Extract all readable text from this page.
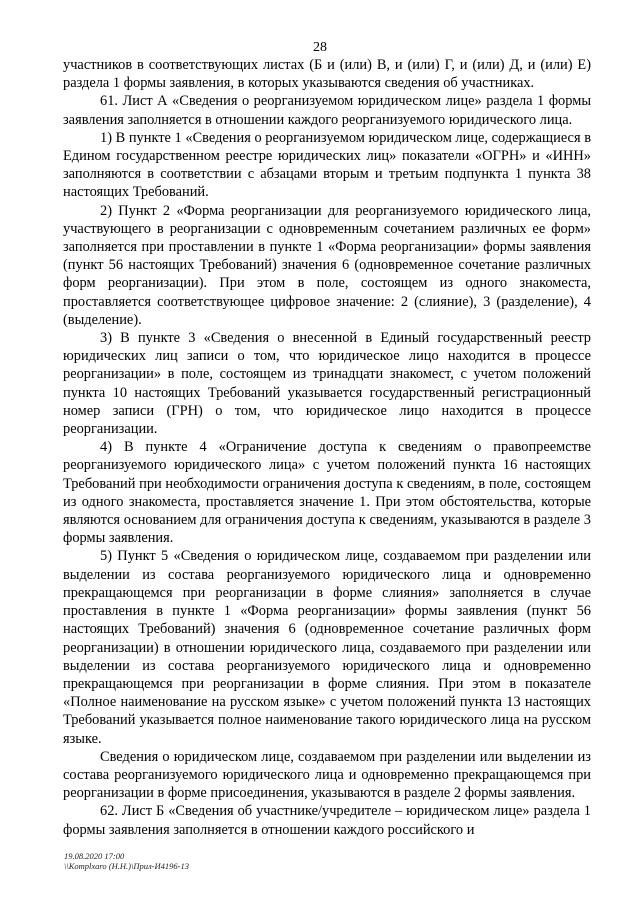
28

участников в соответствующих листах (Б и (или) В, и (или) Г, и (или) Д, и (или) Е) раздела 1 формы заявления, в которых указываются сведения об участниках.

61. Лист А «Сведения о реорганизуемом юридическом лице» раздела 1 формы заявления заполняется в отношении каждого реорганизуемого юридического лица.

1) В пункте 1 «Сведения о реорганизуемом юридическом лице, содержащиеся в Едином государственном реестре юридических лиц» показатели «ОГРН» и «ИНН» заполняются в соответствии с абзацами вторым и третьим подпункта 1 пункта 38 настоящих Требований.

2) Пункт 2 «Форма реорганизации для реорганизуемого юридического лица, участвующего в реорганизации с одновременным сочетанием различных ее форм» заполняется при проставлении в пункте 1 «Форма реорганизации» формы заявления (пункт 56 настоящих Требований) значения 6 (одновременное сочетание различных форм реорганизации). При этом в поле, состоящем из одного знакоместа, проставляется соответствующее цифровое значение: 2 (слияние), 3 (разделение), 4 (выделение).

3) В пункте 3 «Сведения о внесенной в Единый государственный реестр юридических лиц записи о том, что юридическое лицо находится в процессе реорганизации» в поле, состоящем из тринадцати знакомест, с учетом положений пункта 10 настоящих Требований указывается государственный регистрационный номер записи (ГРН) о том, что юридическое лицо находится в процессе реорганизации.

4) В пункте 4 «Ограничение доступа к сведениям о правопреемстве реорганизуемого юридического лица» с учетом положений пункта 16 настоящих Требований при необходимости ограничения доступа к сведениям, в поле, состоящем из одного знакоместа, проставляется значение 1. При этом обстоятельства, которые являются основанием для ограничения доступа к сведениям, указываются в разделе 3 формы заявления.

5) Пункт 5 «Сведения о юридическом лице, создаваемом при разделении или выделении из состава реорганизуемого юридического лица и одновременно прекращающемся при реорганизации в форме слияния» заполняется в случае проставления в пункте 1 «Форма реорганизации» формы заявления (пункт 56 настоящих Требований) значения 6 (одновременное сочетание различных форм реорганизации) в отношении юридического лица, создаваемого при разделении или выделении из состава реорганизуемого юридического лица и одновременно прекращающемся при реорганизации в форме слияния. При этом в показателе «Полное наименование на русском языке» с учетом положений пункта 13 настоящих Требований указывается полное наименование такого юридического лица на русском языке.

Сведения о юридическом лице, создаваемом при разделении или выделении из состава реорганизуемого юридического лица и одновременно прекращающемся при реорганизации в форме присоединения, указываются в разделе 2 формы заявления.

62. Лист Б «Сведения об участнике/учредителе – юридическом лице» раздела 1 формы заявления заполняется в отношении каждого российского и

19.08.2020 17:00
\\Komplxaro (Н.Н.)\Прил-И4196-13
